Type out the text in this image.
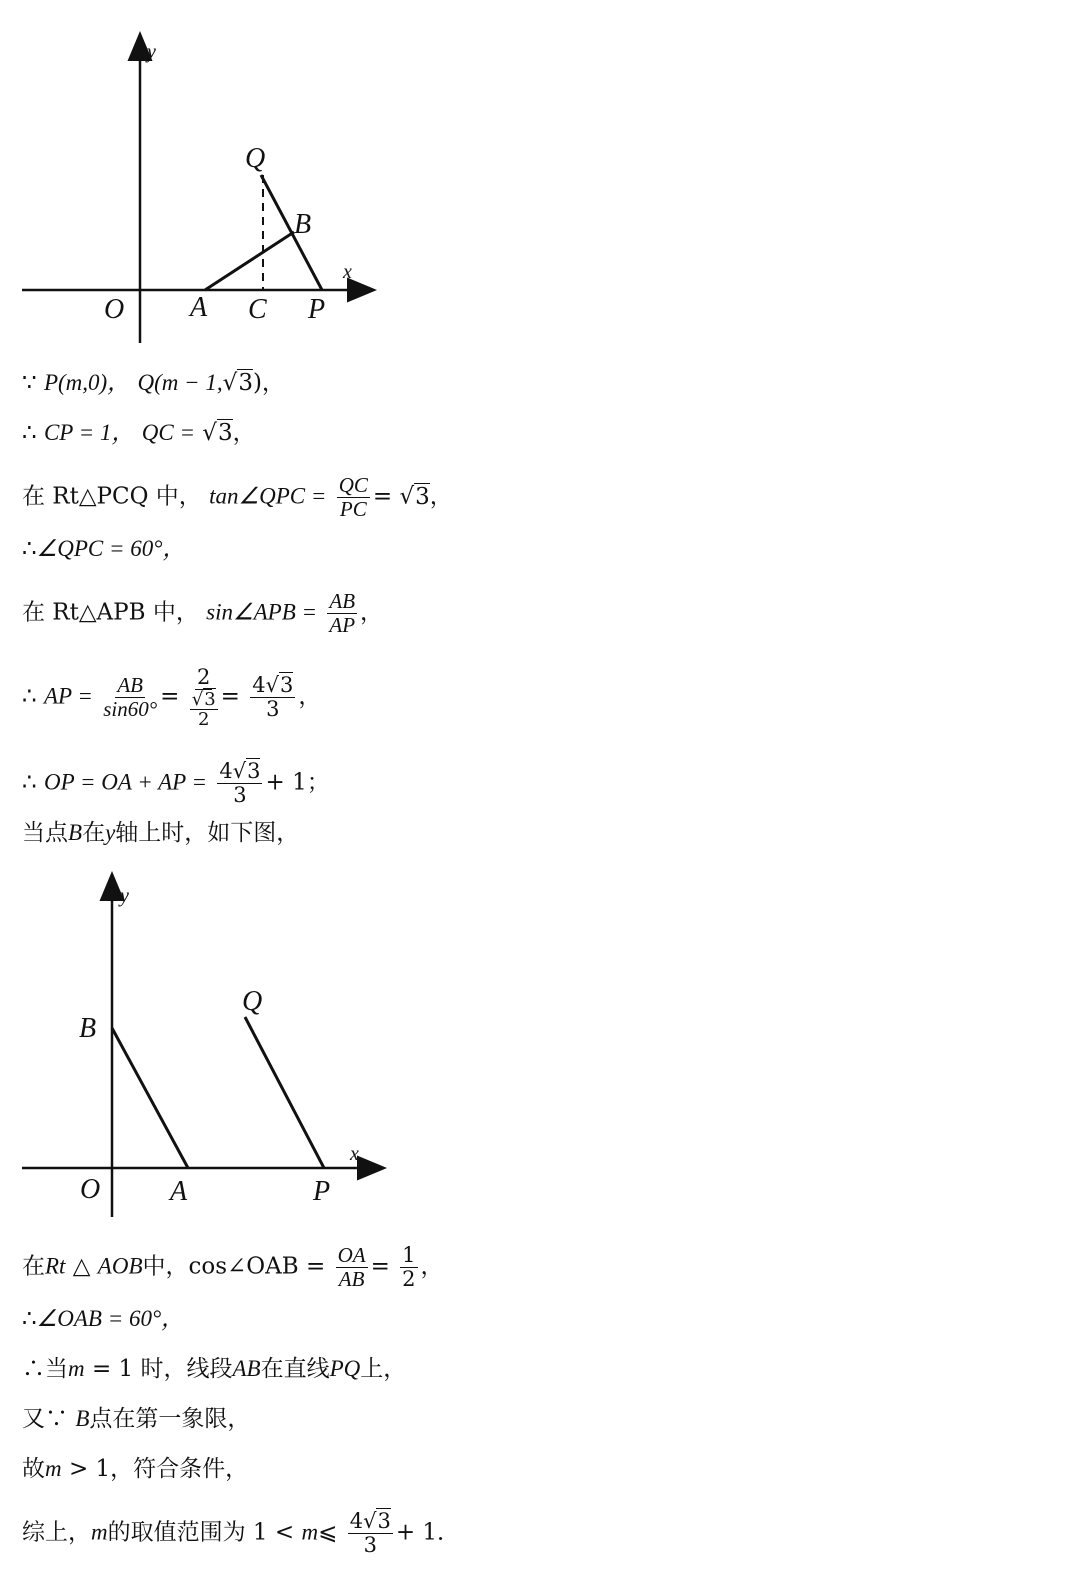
x
y
O A C P
Q
B
∵ P(m,0)， Q(m − 1,√3)，
∴ CP = 1， QC = √3，
在 Rt△PCQ 中， tan∠QPC = $\frac{QC}{PC} = √3$，
∴∠QPC = 60°，
在 Rt△APB 中， sin∠APB = $\frac{AB}{AP}$ ，
∴ AP = $\frac{AB}{\sin 60^\circ} = \frac{2}{\frac{√3}{2}} = \frac{4√3}{3}$ ，
∴ OP = OA + AP = $\frac{4√3}{3} + 1$；
当点B在y轴上时，如下图，
x
y
O A	P
Q
B
在Rt △ AOB中，cos∠OAB = $\frac{OA}{AB} = \frac{1}{2}$ ，
∴∠OAB = 60°，
∴当m = 1 时，线段AB在直线PQ上，
又∵ B点在第一象限，
故m > 1，符合条件，
综上，m的取值范围为 1 < m⩽ $\frac{4√3}{3} + 1$．
